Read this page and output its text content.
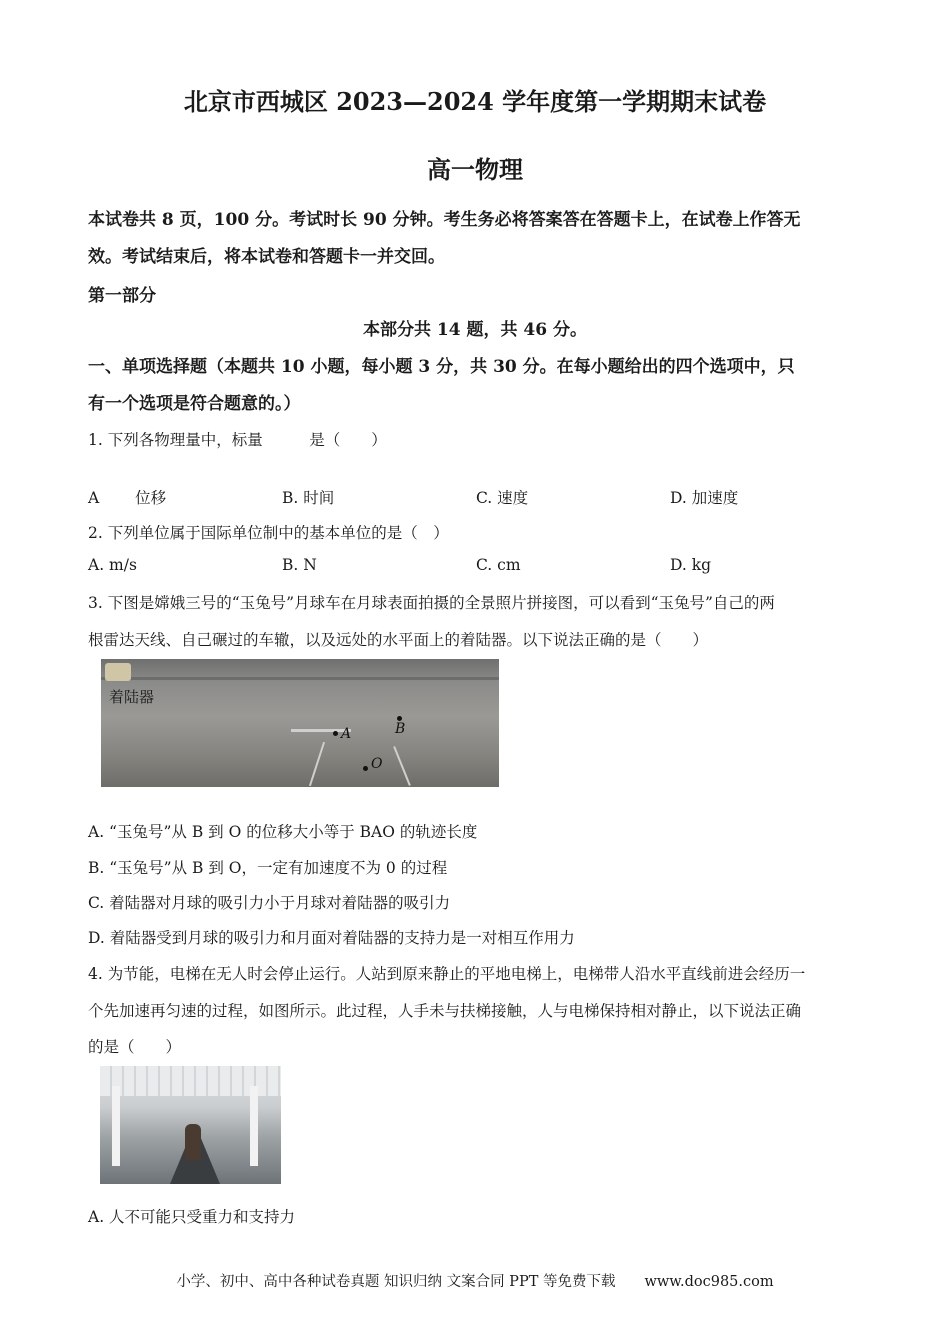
北京市西城区 2023—2024 学年度第一学期期末试卷
高一物理
本试卷共 8 页，100 分。考试时长 90 分钟。考生务必将答案答在答题卡上，在试卷上作答无
效。考试结束后，将本试卷和答题卡一并交回。
第一部分
本部分共 14 题，共 46 分。
一、单项选择题（本题共 10 小题，每小题 3 分，共 30 分。在每小题给出的四个选项中，只
有一个选项是符合题意的。）
1. 下列各物理量中，标量　　　是（　　）
A　　 位移	B. 时间	C. 速度	D. 加速度
2. 下列单位属于国际单位制中的基本单位的是（　）
A. m/s	B. N	C. cm	D. kg
3. 下图是嫦娥三号的“玉兔号”月球车在月球表面拍摄的全景照片拼接图，可以看到“玉兔号”自己的两
根雷达天线、自己碾过的车辙，以及远处的水平面上的着陆器。以下说法正确的是（　　）
着陆器
A	B
O
A. “玉兔号”从 B 到 O 的位移大小等于 BAO 的轨迹长度
B. “玉兔号”从 B 到 O，一定有加速度不为 0 的过程
C. 着陆器对月球的吸引力小于月球对着陆器的吸引力
D. 着陆器受到月球的吸引力和月面对着陆器的支持力是一对相互作用力
4. 为节能，电梯在无人时会停止运行。人站到原来静止的平地电梯上，电梯带人沿水平直线前进会经历一
个先加速再匀速的过程，如图所示。此过程，人手未与扶梯接触，人与电梯保持相对静止，以下说法正确
的是（　　）
A. 人不可能只受重力和支持力
小学、初中、高中各种试卷真题 知识归纳 文案合同 PPT 等免费下载　　www.doc985.com
